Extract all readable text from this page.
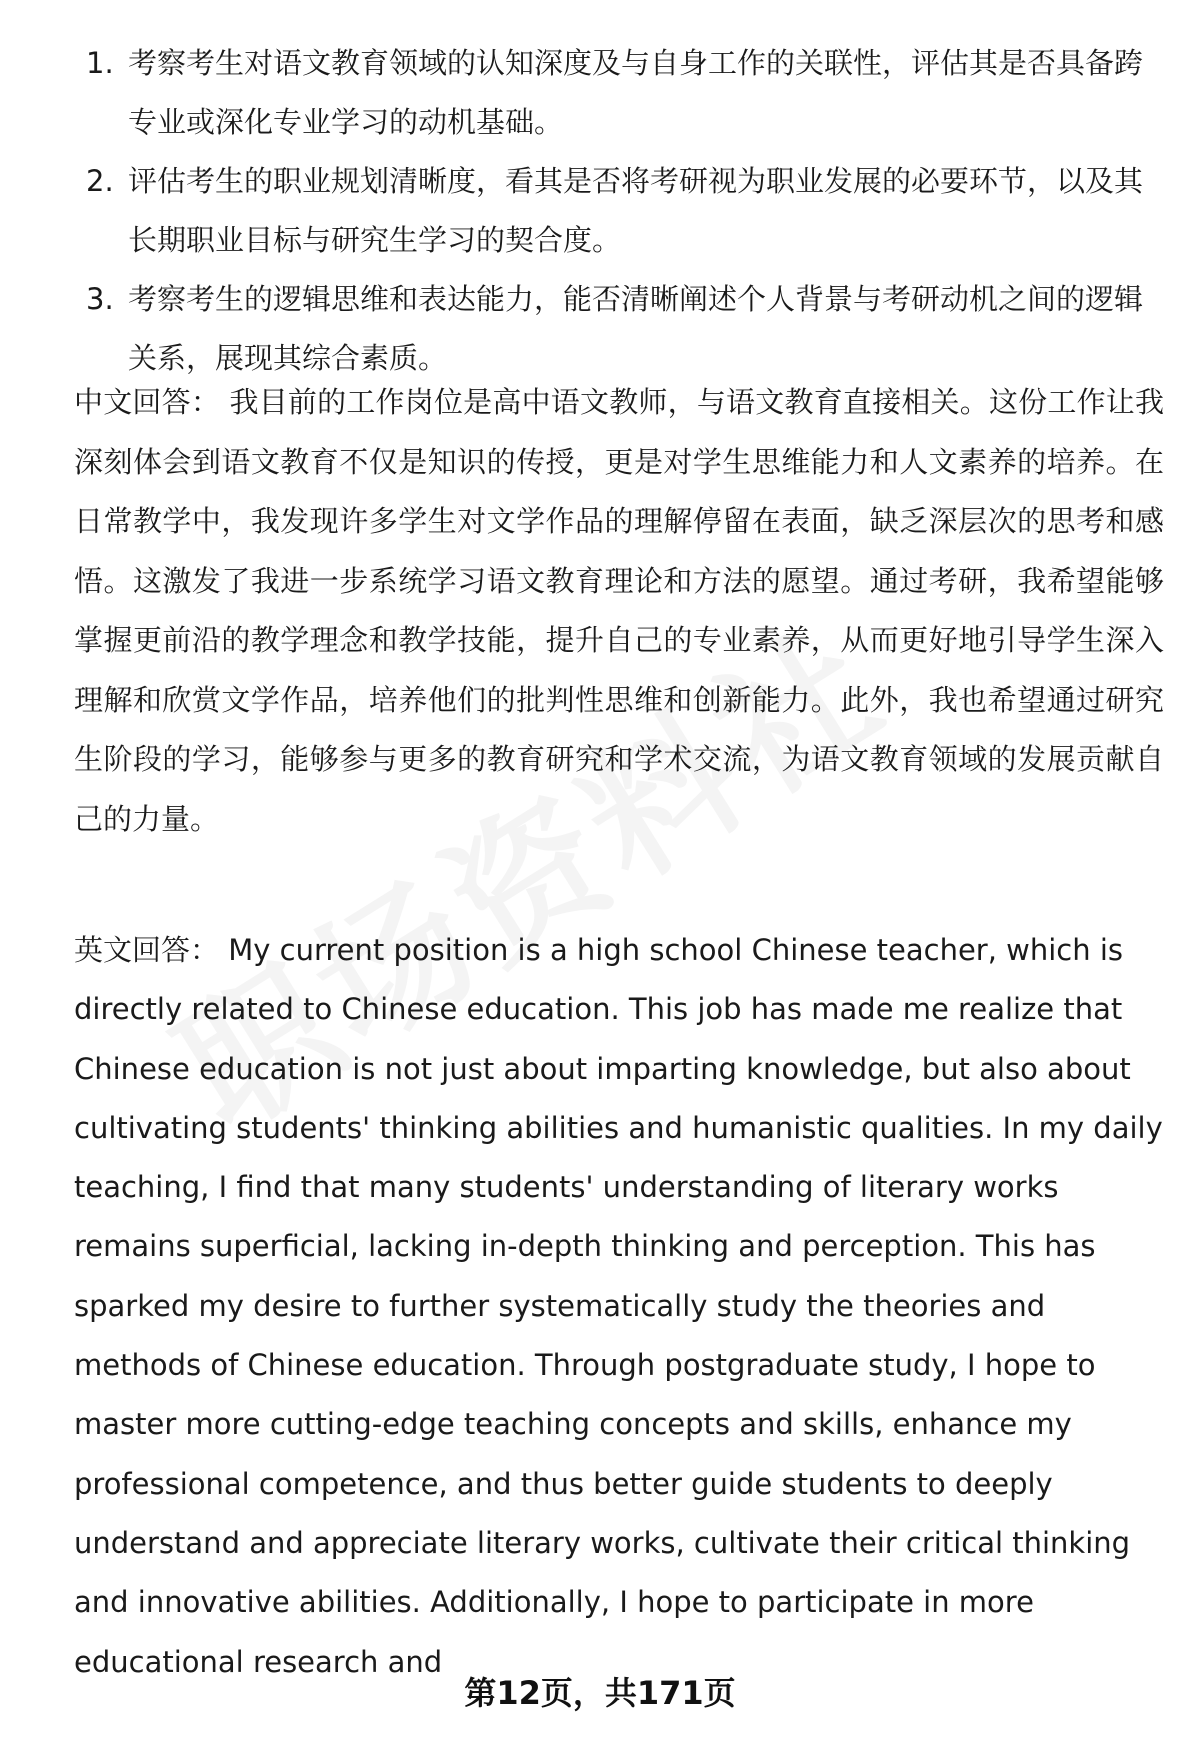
1. 考察考生对语文教育领域的认知深度及与自身工作的关联性，评估其是否具备跨专业或深化专业学习的动机基础。
2. 评估考生的职业规划清晰度，看其是否将考研视为职业发展的必要环节，以及其长期职业目标与研究生学习的契合度。
3. 考察考生的逻辑思维和表达能力，能否清晰阐述个人背景与考研动机之间的逻辑关系，展现其综合素质。

中文回答： 我目前的工作岗位是高中语文教师，与语文教育直接相关。这份工作让我深刻体会到语文教育不仅是知识的传授，更是对学生思维能力和人文素养的培养。在日常教学中，我发现许多学生对文学作品的理解停留在表面，缺乏深层次的思考和感悟。这激发了我进一步系统学习语文教育理论和方法的愿望。通过考研，我希望能够掌握更前沿的教学理念和教学技能，提升自己的专业素养，从而更好地引导学生深入理解和欣赏文学作品，培养他们的批判性思维和创新能力。此外，我也希望通过研究生阶段的学习，能够参与更多的教育研究和学术交流，为语文教育领域的发展贡献自己的力量。

英文回答： My current position is a high school Chinese teacher, which is directly related to Chinese education. This job has made me realize that Chinese education is not just about imparting knowledge, but also about cultivating students' thinking abilities and humanistic qualities. In my daily teaching, I find that many students' understanding of literary works remains superficial, lacking in-depth thinking and perception. This has sparked my desire to further systematically study the theories and methods of Chinese education. Through postgraduate study, I hope to master more cutting-edge teaching concepts and skills, enhance my professional competence, and thus better guide students to deeply understand and appreciate literary works, cultivate their critical thinking and innovative abilities. Additionally, I hope to participate in more educational research and

第12页，共171页
